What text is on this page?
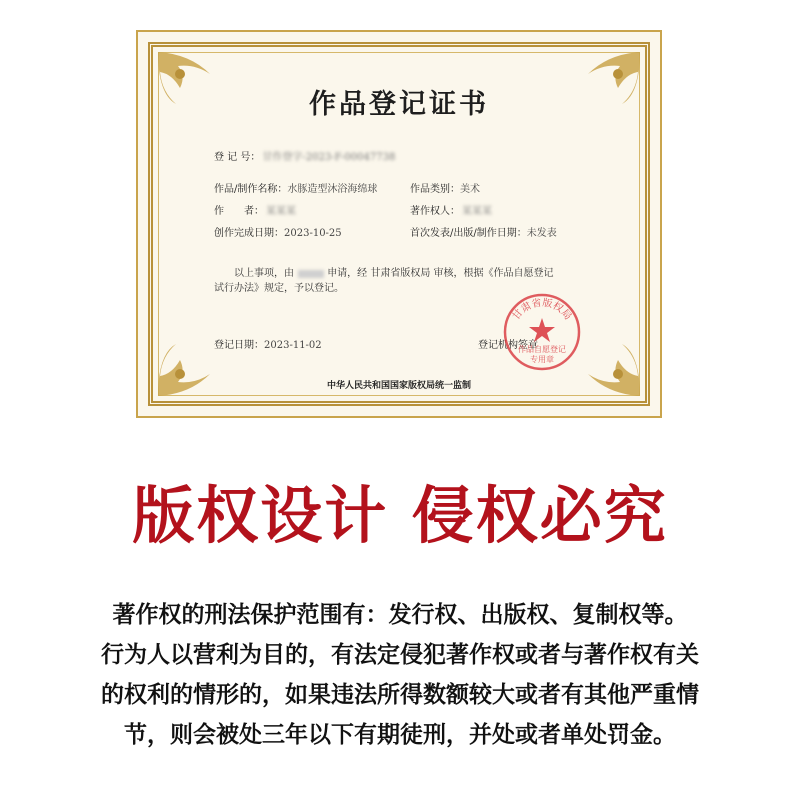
作品登记证书
登 记 号： 甘作登字-2023-F-00047738
作品/制作名称：水豚造型沐浴海绵球	作品类别：美术
作　　者： 某某某	著作权人： 某某某
创作完成日期：2023-10-25	首次发表/出版/制作日期：未发表
以上事项，由	申请，经 甘肃省版权局 审核，根据《作品自愿登记
试行办法》规定，予以登记。
登记日期：2023-11-02	登记机构签章
中华人民共和国国家版权局统一监制
甘肃省版权局
作品自愿登记
专用章
版权设计 侵权必究
著作权的刑法保护范围有：发行权、出版权、复制权等。
行为人以营利为目的，有法定侵犯著作权或者与著作权有关
的权利的情形的，如果违法所得数额较大或者有其他严重情
节，则会被处三年以下有期徒刑，并处或者单处罚金。
